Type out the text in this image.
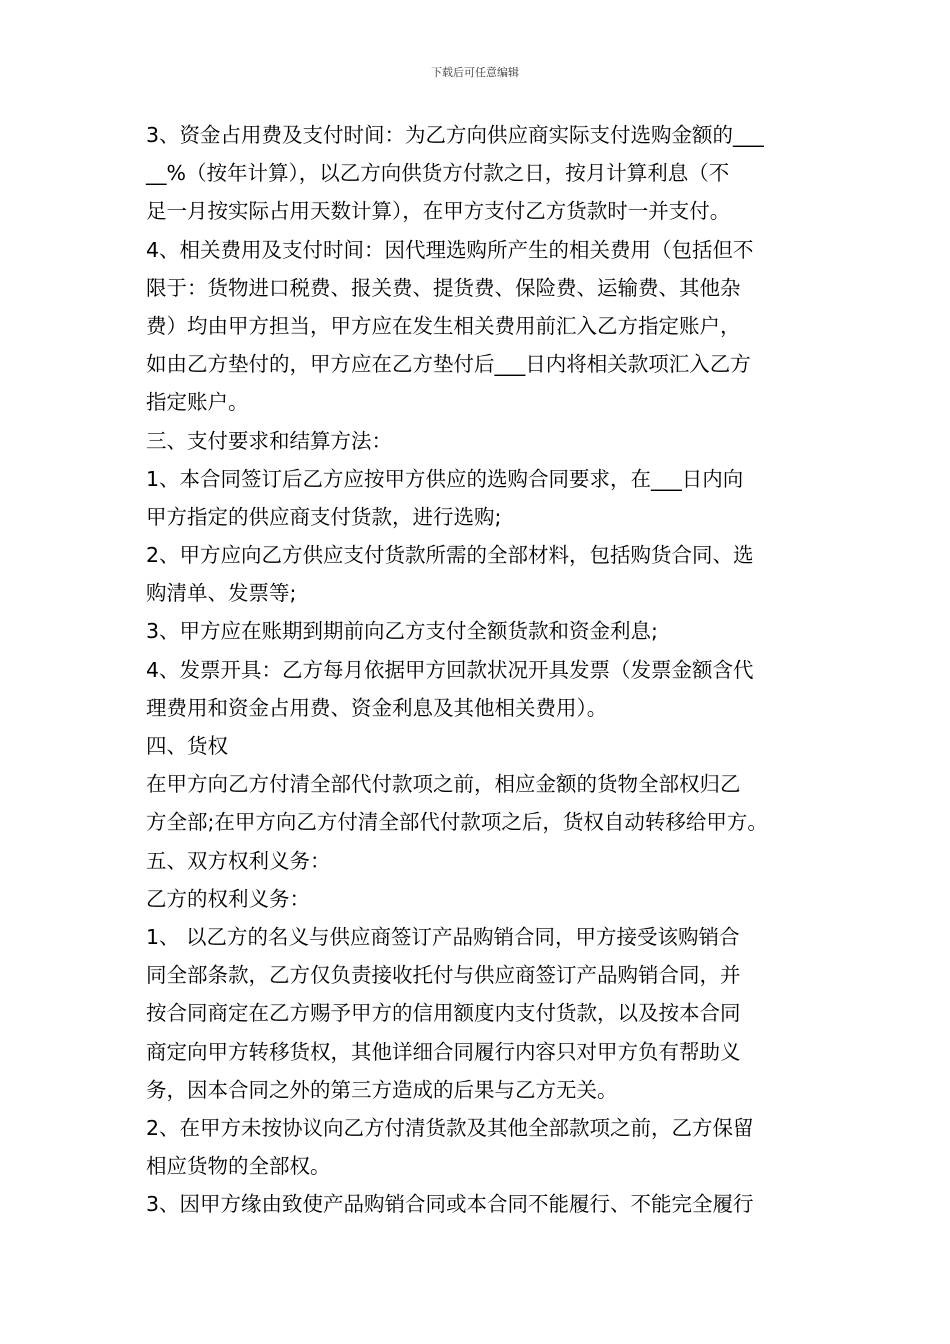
下载后可任意编辑
3、资金占用费及支付时间：为乙方向供应商实际支付选购金额的___
__%（按年计算），以乙方向供货方付款之日，按月计算利息（不
足一月按实际占用天数计算），在甲方支付乙方货款时一并支付。
4、相关费用及支付时间：因代理选购所产生的相关费用（包括但不
限于：货物进口税费、报关费、提货费、保险费、运输费、其他杂
费）均由甲方担当，甲方应在发生相关费用前汇入乙方指定账户，
如由乙方垫付的，甲方应在乙方垫付后___日内将相关款项汇入乙方
指定账户。
三、支付要求和结算方法：
1、本合同签订后乙方应按甲方供应的选购合同要求，在___日内向
甲方指定的供应商支付货款，进行选购;
2、甲方应向乙方供应支付货款所需的全部材料，包括购货合同、选
购清单、发票等;
3、甲方应在账期到期前向乙方支付全额货款和资金利息;
4、发票开具：乙方每月依据甲方回款状况开具发票（发票金额含代
理费用和资金占用费、资金利息及其他相关费用）。
四、货权
在甲方向乙方付清全部代付款项之前，相应金额的货物全部权归乙
方全部;在甲方向乙方付清全部代付款项之后，货权自动转移给甲方。
五、双方权利义务：
乙方的权利义务：
1、 以乙方的名义与供应商签订产品购销合同，甲方接受该购销合
同全部条款，乙方仅负责接收托付与供应商签订产品购销合同，并
按合同商定在乙方赐予甲方的信用额度内支付货款，以及按本合同
商定向甲方转移货权，其他详细合同履行内容只对甲方负有帮助义
务，因本合同之外的第三方造成的后果与乙方无关。
2、在甲方未按协议向乙方付清货款及其他全部款项之前，乙方保留
相应货物的全部权。
3、因甲方缘由致使产品购销合同或本合同不能履行、不能完全履行
